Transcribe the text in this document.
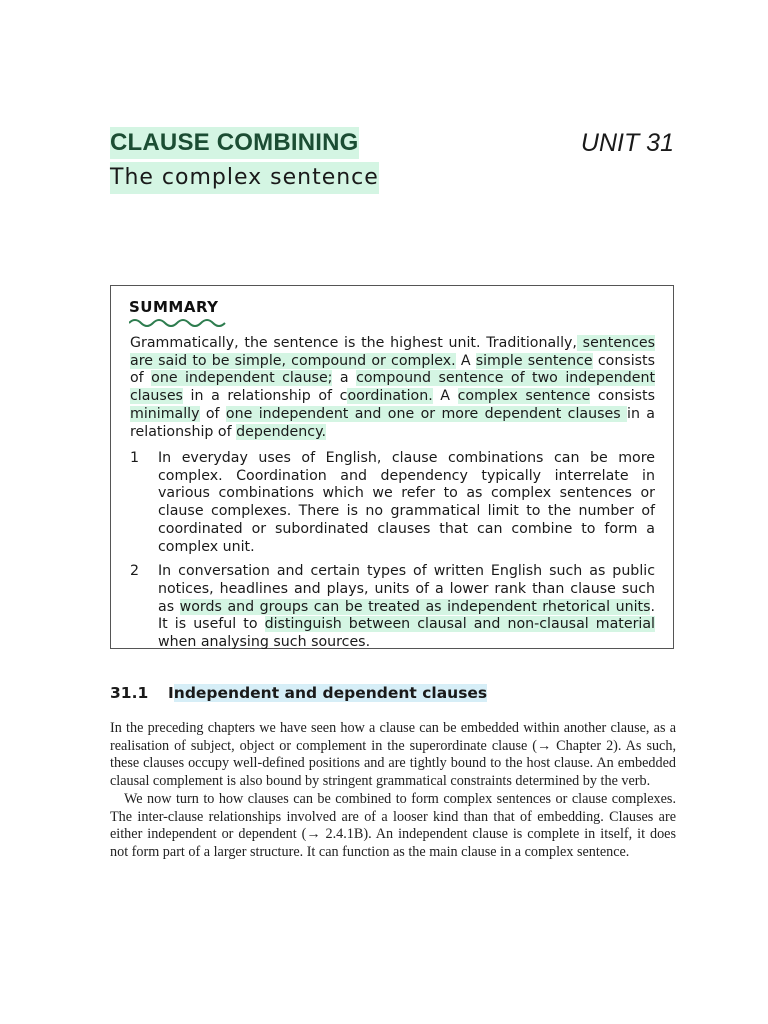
CLAUSE COMBINING	UNIT 31
The complex sentence
SUMMARY

Grammatically, the sentence is the highest unit. Traditionally, sentences are said to be simple, compound or complex. A simple sentence consists of one independent clause; a compound sentence of two independent clauses in a relationship of coordination. A complex sentence consists minimally of one independent and one or more dependent clauses in a relationship of dependency.

1 In everyday uses of English, clause combinations can be more complex. Coordination and dependency typically interrelate in various combinations which we refer to as complex sentences or clause complexes. There is no grammatical limit to the number of coordinated or subordinated clauses that can combine to form a complex unit.
2 In conversation and certain types of written English such as public notices, headlines and plays, units of a lower rank than clause such as words and groups can be treated as independent rhetorical units. It is useful to distinguish between clausal and non-clausal material when analysing such sources.
31.1 Independent and dependent clauses

In the preceding chapters we have seen how a clause can be embedded within another clause, as a realisation of subject, object or complement in the superordinate clause (→ Chapter 2). As such, these clauses occupy well-defined positions and are tightly bound to the host clause. An embedded clausal complement is also bound by stringent grammatical constraints determined by the verb.

We now turn to how clauses can be combined to form complex sentences or clause complexes. The inter-clause relationships involved are of a looser kind than that of embedding. Clauses are either independent or dependent (→ 2.4.1B). An independent clause is complete in itself, it does not form part of a larger structure. It can function as the main clause in a complex sentence.
